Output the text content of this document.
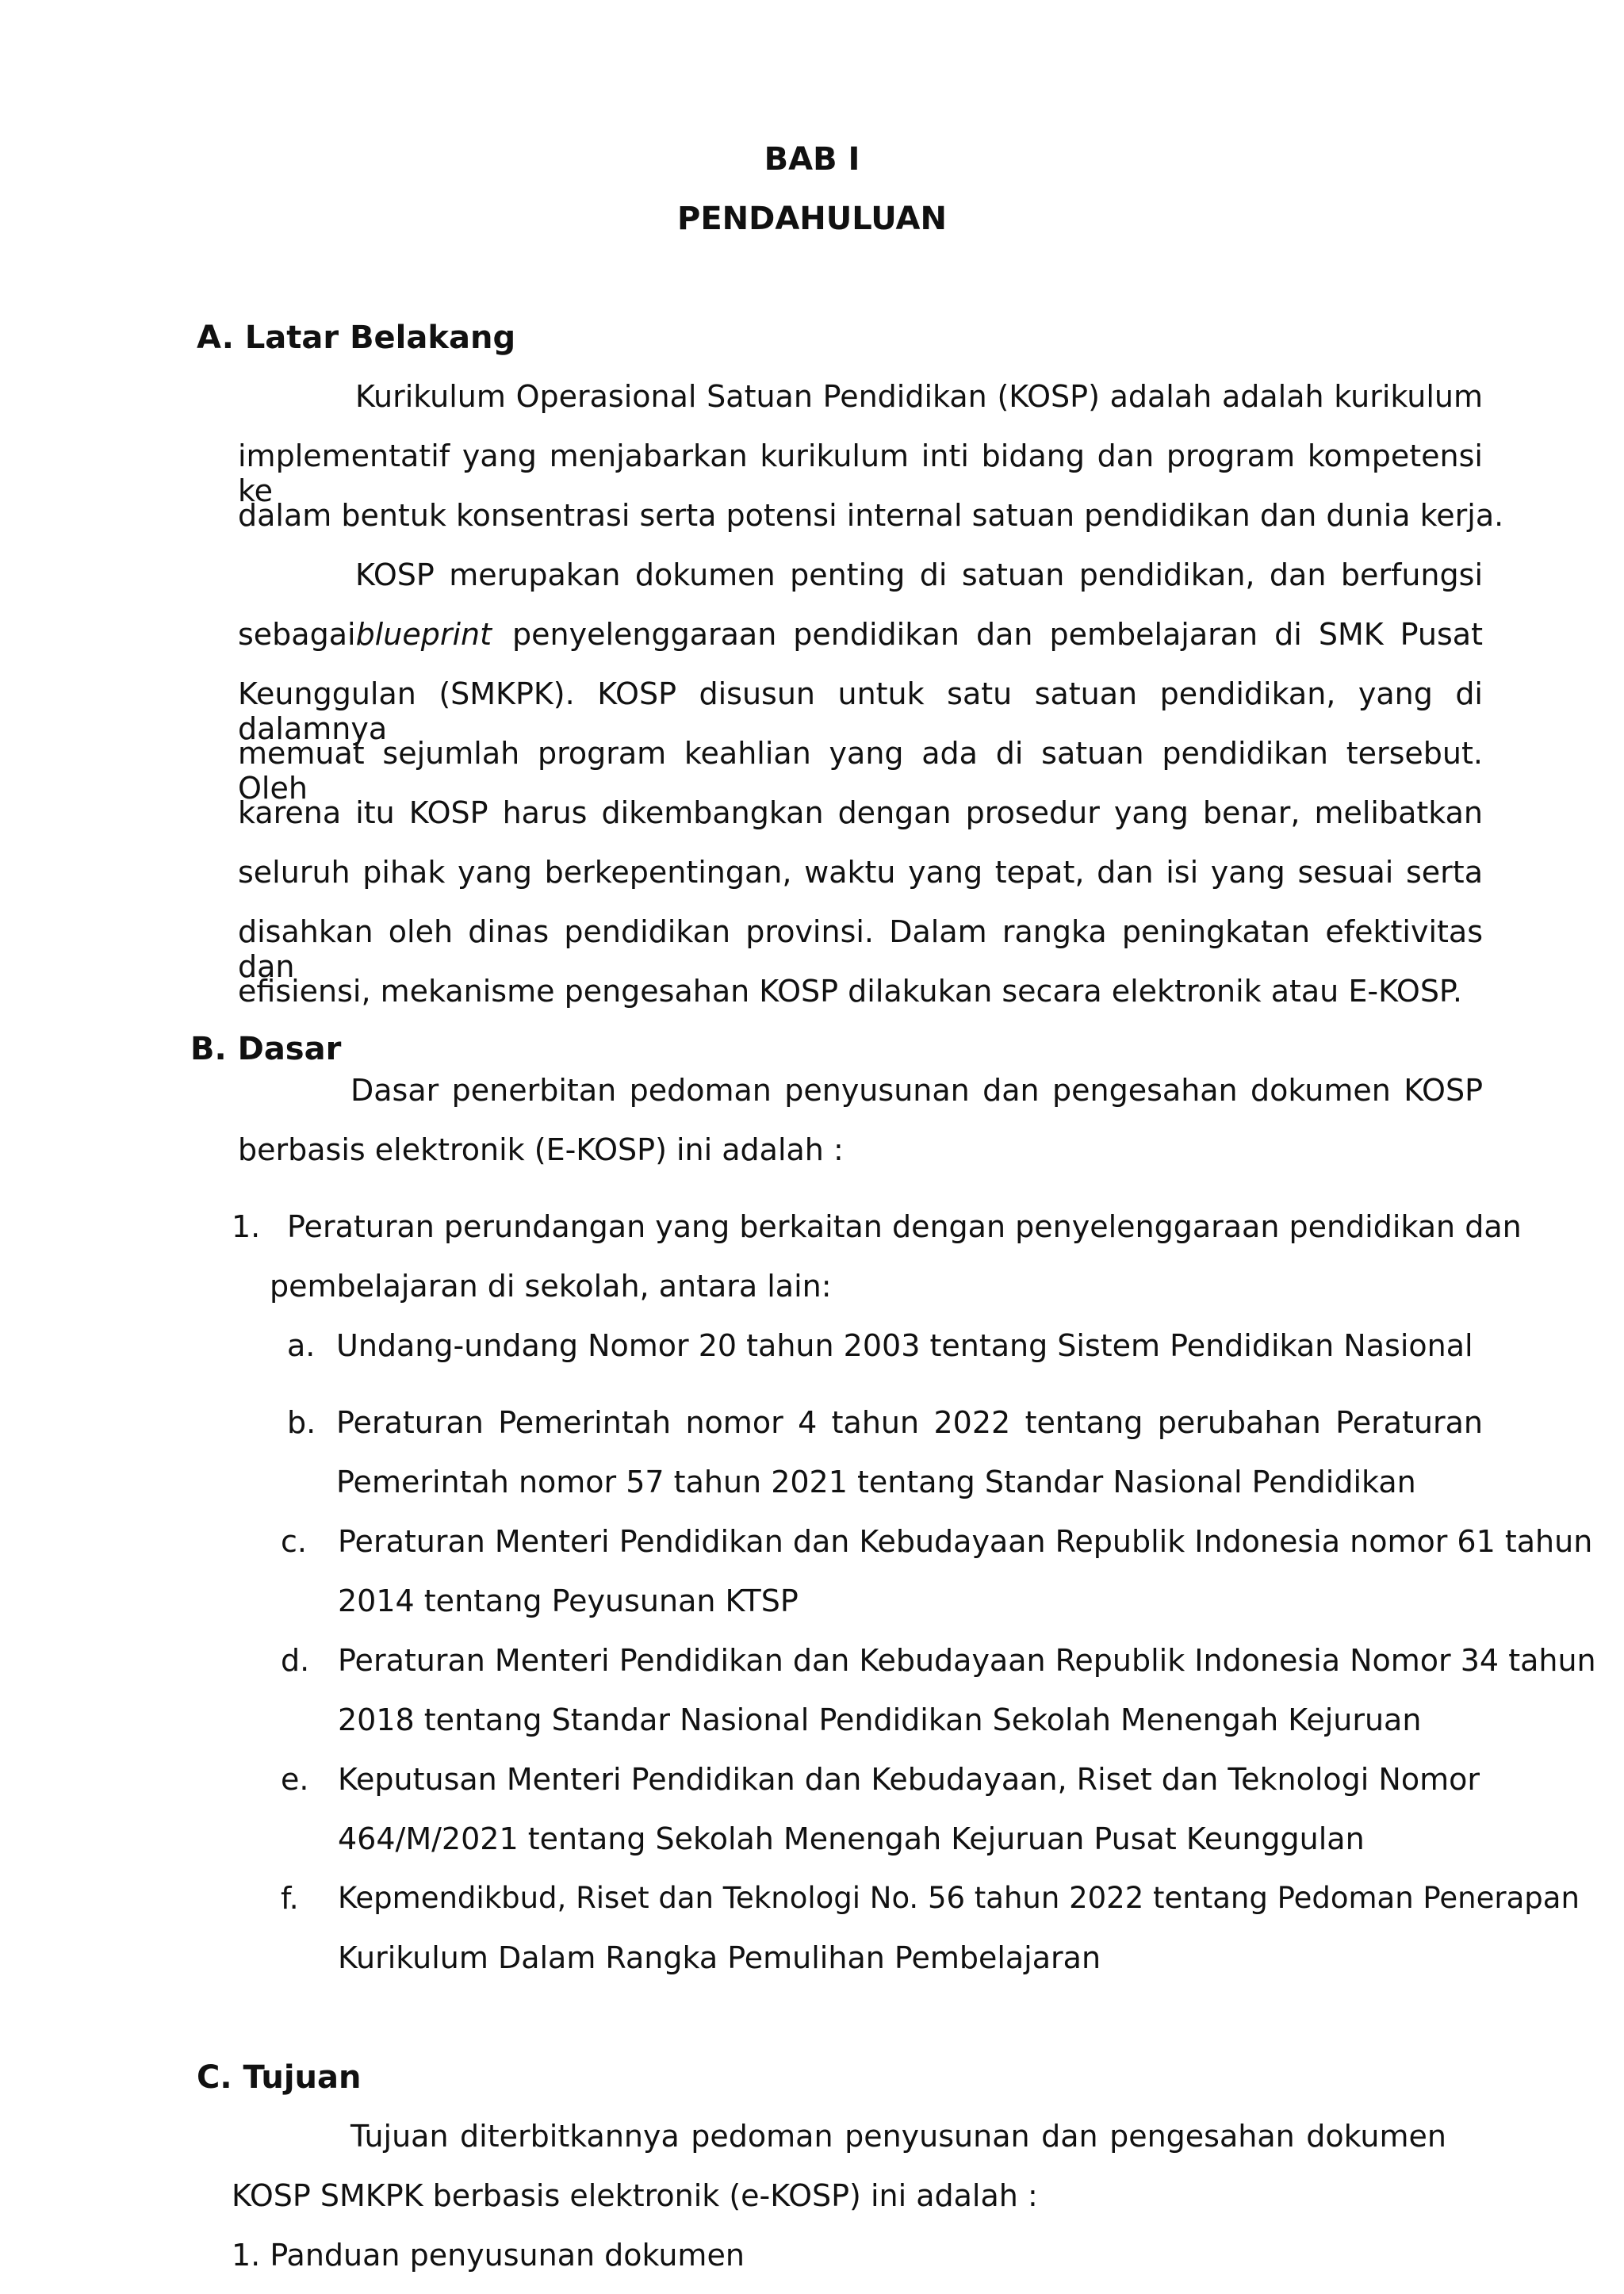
BAB I
PENDAHULUAN
A. Latar Belakang
Kurikulum Operasional Satuan Pendidikan (KOSP) adalah adalah kurikulum
implementatif yang menjabarkan kurikulum inti bidang dan program kompetensi ke
dalam bentuk konsentrasi serta potensi internal satuan pendidikan dan dunia kerja.
KOSP merupakan dokumen penting di satuan pendidikan, dan berfungsi
sebagai blueprint penyelenggaraan pendidikan dan pembelajaran di SMK Pusat
Keunggulan (SMKPK). KOSP disusun untuk satu satuan pendidikan, yang di dalamnya
memuat sejumlah program keahlian yang ada di satuan pendidikan tersebut. Oleh
karena itu KOSP harus dikembangkan dengan prosedur yang benar, melibatkan
seluruh pihak yang berkepentingan, waktu yang tepat, dan isi yang sesuai serta
disahkan oleh dinas pendidikan provinsi. Dalam rangka peningkatan efektivitas dan
efisiensi, mekanisme pengesahan KOSP dilakukan secara elektronik atau E-KOSP.
B. Dasar
Dasar penerbitan pedoman penyusunan dan pengesahan dokumen KOSP
berbasis elektronik (E-KOSP) ini adalah :
1. Peraturan perundangan yang berkaitan dengan penyelenggaraan pendidikan dan
pembelajaran di sekolah, antara lain:
a. Undang-undang Nomor 20 tahun 2003 tentang Sistem Pendidikan Nasional
b. Peraturan Pemerintah nomor 4 tahun 2022 tentang perubahan Peraturan
Pemerintah nomor 57 tahun 2021 tentang Standar Nasional Pendidikan
c. Peraturan Menteri Pendidikan dan Kebudayaan Republik Indonesia nomor 61 tahun
2014 tentang Peyusunan KTSP
d. Peraturan Menteri Pendidikan dan Kebudayaan Republik Indonesia Nomor 34 tahun
2018 tentang Standar Nasional Pendidikan Sekolah Menengah Kejuruan
e. Keputusan Menteri Pendidikan dan Kebudayaan, Riset dan Teknologi Nomor
464/M/2021 tentang Sekolah Menengah Kejuruan Pusat Keunggulan
f. Kepmendikbud, Riset dan Teknologi No. 56 tahun 2022 tentang Pedoman Penerapan
Kurikulum Dalam Rangka Pemulihan Pembelajaran
C. Tujuan
Tujuan diterbitkannya pedoman penyusunan dan pengesahan dokumen
KOSP SMKPK berbasis elektronik (e-KOSP) ini adalah :
1. Panduan penyusunan dokumen
